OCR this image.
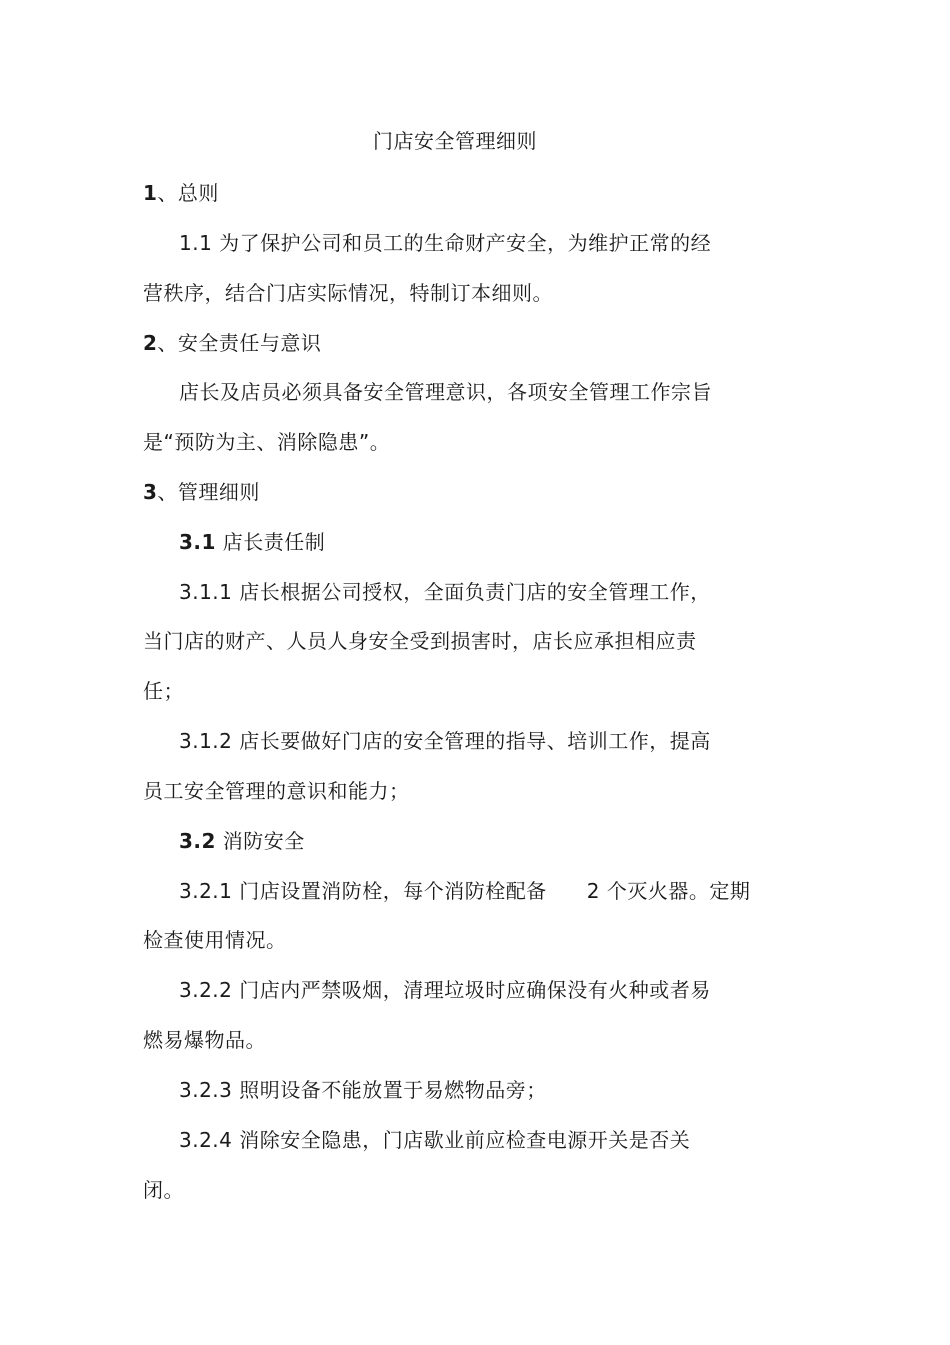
门店安全管理细则
1、总则
1.1 为了保护公司和员工的生命财产安全，为维护正常的经
营秩序，结合门店实际情况，特制订本细则。
2、安全责任与意识
店长及店员必须具备安全管理意识，各项安全管理工作宗旨
是“预防为主、消除隐患”。
3、管理细则
3.1 店长责任制
3.1.1 店长根据公司授权，全面负责门店的安全管理工作，
当门店的财产、人员人身安全受到损害时，店长应承担相应责
任；
3.1.2 店长要做好门店的安全管理的指导、培训工作，提高
员工安全管理的意识和能力；
3.2 消防安全
3.2.1 门店设置消防栓，每个消防栓配备 2 个灭火器。定期
检查使用情况。
3.2.2 门店内严禁吸烟，清理垃圾时应确保没有火种或者易
燃易爆物品。
3.2.3 照明设备不能放置于易燃物品旁；
3.2.4 消除安全隐患，门店歇业前应检查电源开关是否关
闭。
